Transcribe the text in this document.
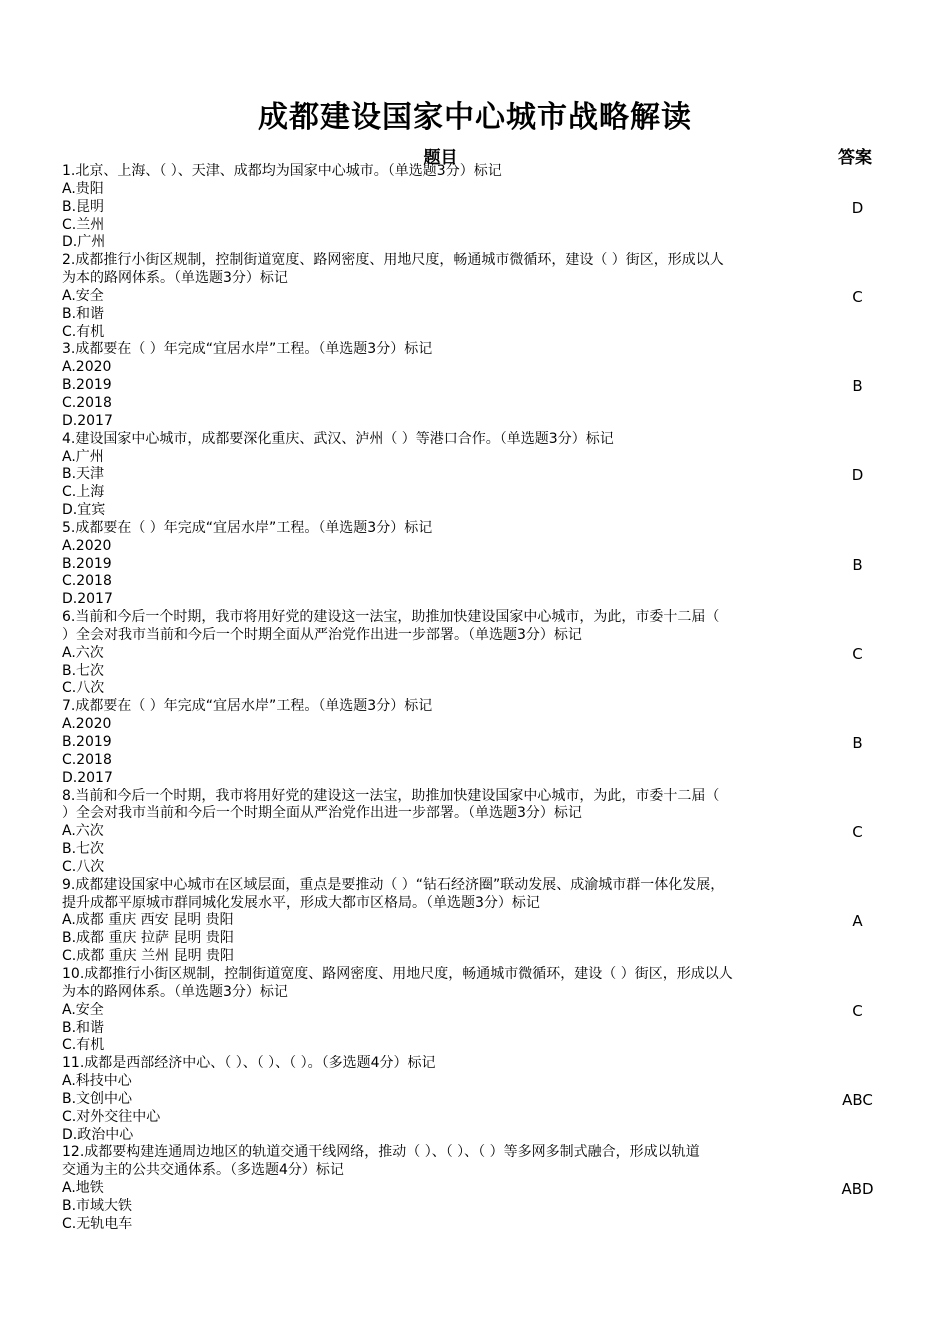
成都建设国家中心城市战略解读
题目	答案
1.北京、上海、（ ）、天津、成都均为国家中心城市。（单选题3分）标记
A.贵阳
B.昆明
C.兰州
D.广州
D
2.成都推行小街区规制，控制街道宽度、路网密度、用地尺度，畅通城市微循环，建设（ ）街区，形成以人
为本的路网体系。（单选题3分）标记
A.安全
B.和谐
C.有机
C
3.成都要在（ ）年完成“宜居水岸”工程。（单选题3分）标记
A.2020
B.2019
C.2018
D.2017
B
4.建设国家中心城市，成都要深化重庆、武汉、泸州（ ）等港口合作。（单选题3分）标记
A.广州
B.天津
C.上海
D.宜宾
D
5.成都要在（ ）年完成“宜居水岸”工程。（单选题3分）标记
A.2020
B.2019
C.2018
D.2017
B
6.当前和今后一个时期，我市将用好党的建设这一法宝，助推加快建设国家中心城市，为此，市委十二届（
）全会对我市当前和今后一个时期全面从严治党作出进一步部署。（单选题3分）标记
A.六次
B.七次
C.八次
C
7.成都要在（ ）年完成“宜居水岸”工程。（单选题3分）标记
A.2020
B.2019
C.2018
D.2017
B
8.当前和今后一个时期，我市将用好党的建设这一法宝，助推加快建设国家中心城市，为此，市委十二届（
）全会对我市当前和今后一个时期全面从严治党作出进一步部署。（单选题3分）标记
A.六次
B.七次
C.八次
C
9.成都建设国家中心城市在区域层面，重点是要推动（ ）“钻石经济圈”联动发展、成渝城市群一体化发展，
提升成都平原城市群同城化发展水平，形成大都市区格局。（单选题3分）标记
A.成都 重庆 西安 昆明 贵阳
B.成都 重庆 拉萨 昆明 贵阳
C.成都 重庆 兰州 昆明 贵阳
A
10.成都推行小街区规制，控制街道宽度、路网密度、用地尺度，畅通城市微循环，建设（ ）街区，形成以人
为本的路网体系。（单选题3分）标记
A.安全
B.和谐
C.有机
C
11.成都是西部经济中心、（ ）、（ ）、（ ）。（多选题4分）标记
A.科技中心
B.文创中心
C.对外交往中心
D.政治中心
ABC
12.成都要构建连通周边地区的轨道交通干线网络，推动（ ）、（ ）、（ ）等多网多制式融合，形成以轨道
交通为主的公共交通体系。（多选题4分）标记
A.地铁
B.市域大铁
C.无轨电车
ABD
